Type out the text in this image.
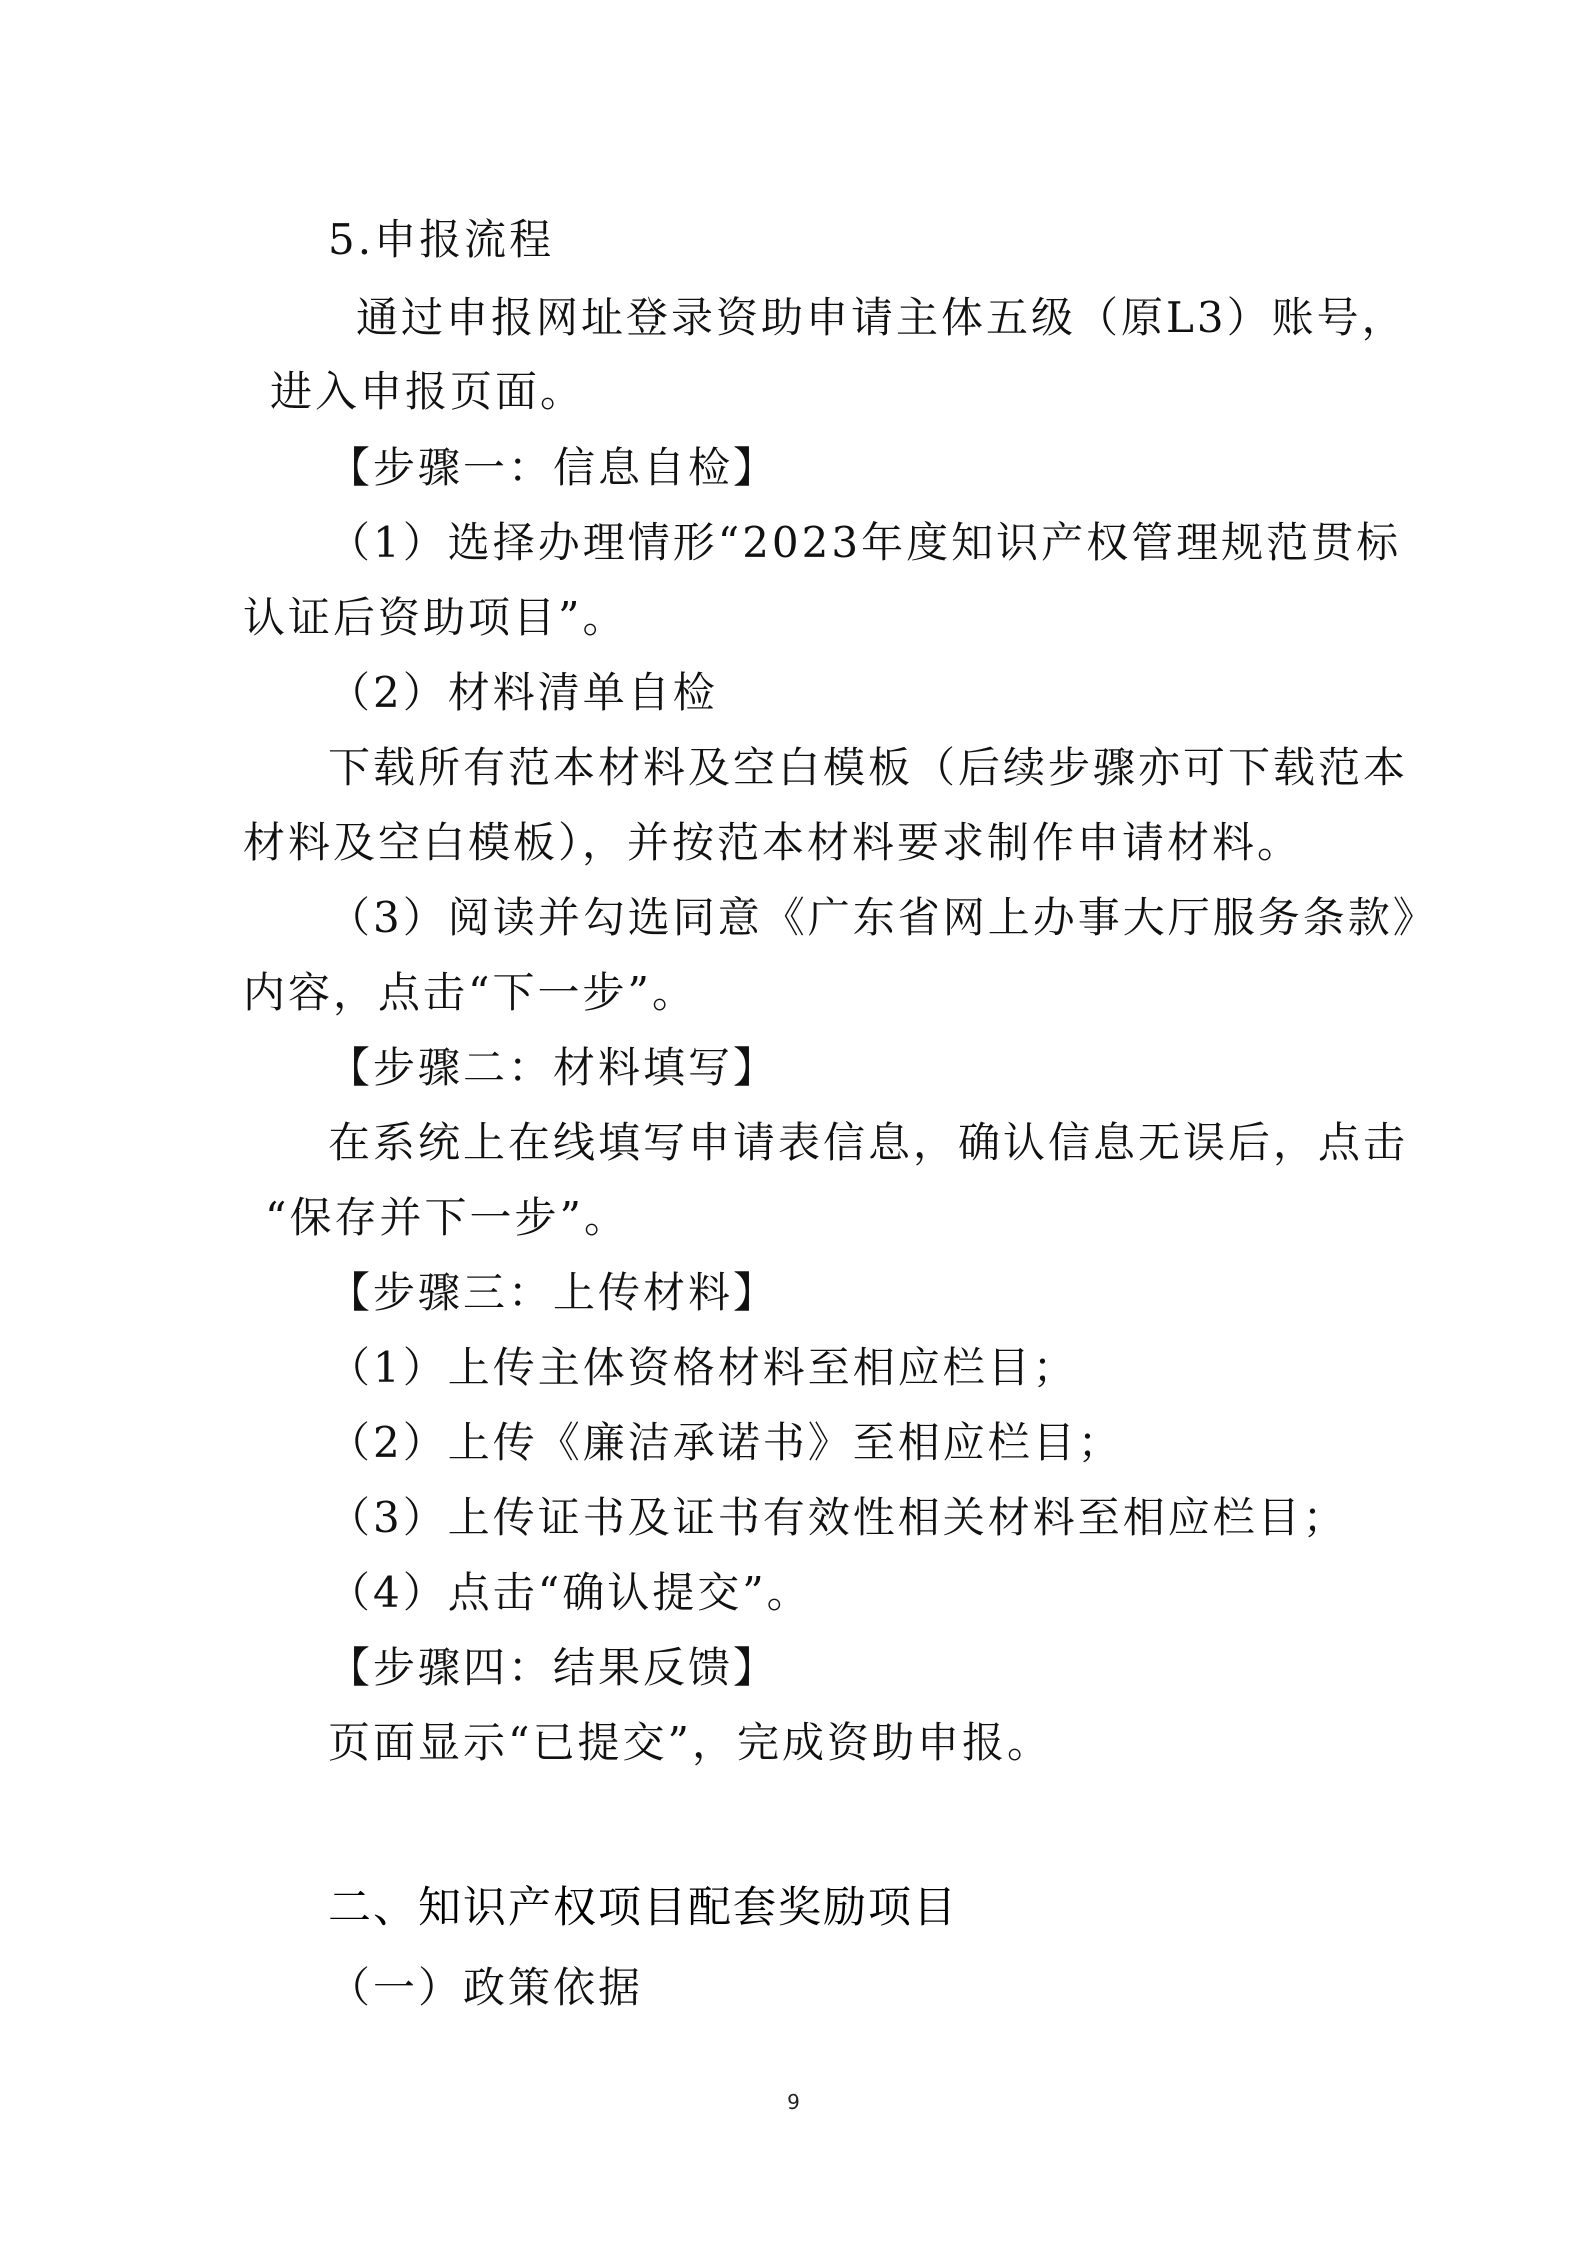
5.申报流程

通过申报网址登录资助申请主体五级（原L3）账号，

进入申报页面。

【步骤一：信息自检】

（1）选择办理情形“2023年度知识产权管理规范贯标

认证后资助项目”。

（2）材料清单自检

下载所有范本材料及空白模板（后续步骤亦可下载范本

材料及空白模板），并按范本材料要求制作申请材料。

（3）阅读并勾选同意《广东省网上办事大厅服务条款》

内容，点击“下一步”。

【步骤二：材料填写】

在系统上在线填写申请表信息，确认信息无误后，点击

“保存并下一步”。

【步骤三：上传材料】

（1）上传主体资格材料至相应栏目；

（2）上传《廉洁承诺书》至相应栏目；

（3）上传证书及证书有效性相关材料至相应栏目；

（4）点击“确认提交”。

【步骤四：结果反馈】

页面显示“已提交”，完成资助申报。

二、知识产权项目配套奖励项目

（一）政策依据

9
